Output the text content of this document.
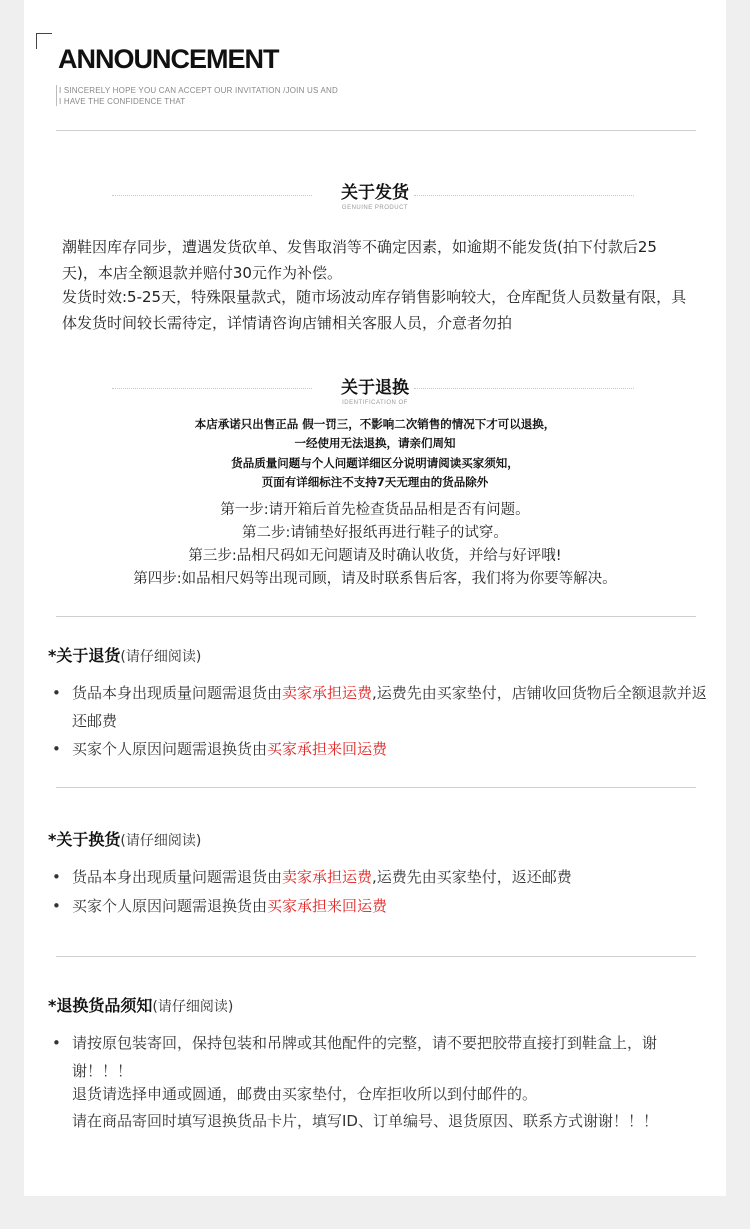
ANNOUNCEMENT
I SINCERELY HOPE YOU CAN ACCEPT OUR INVITATION /JOIN US AND
I HAVE THE CONFIDENCE THAT
关于发货
GENUINE PRODUCT
潮鞋因库存同步，遭遇发货砍单、发售取消等不确定因素，如逾期不能发货(拍下付款后25天)，本店全额退款并赔付30元作为补偿。
发货时效:5-25天，特殊限量款式，随市场波动库存销售影响较大，仓库配货人员数量有限，具体发货时间较长需待定，详情请咨询店铺相关客服人员，介意者勿拍
关于退换
IDENTIFICATION OF
本店承诺只出售正品 假一罚三，不影响二次销售的情况下才可以退换，
一经使用无法退换，请亲们周知
货品质量问题与个人问题详细区分说明请阅读买家须知，
页面有详细标注不支持7天无理由的货品除外
第一步:请开箱后首先检查货品品相是否有问题。
第二步:请铺垫好报纸再进行鞋子的试穿。
第三步:品相尺码如无问题请及时确认收货，并给与好评哦!
第四步:如品相尺妈等出现司顾，请及时联系售后客，我们将为你要等解决。
*关于退货(请仔细阅读)
• 货品本身出现质量问题需退货由卖家承担运费,运费先由买家垫付，店铺收回货物后全额退款并返还邮费
• 买家个人原因问题需退换货由买家承担来回运费
*关于换货(请仔细阅读)
• 货品本身出现质量问题需退货由卖家承担运费,运费先由买家垫付，返还邮费
• 买家个人原因问题需退换货由买家承担来回运费
*退换货品须知(请仔细阅读)
• 请按原包装寄回，保持包装和吊牌或其他配件的完整，请不要把胶带直接打到鞋盒上，谢谢！！！
退货请选择申通或圆通，邮费由买家垫付，仓库拒收所以到付邮件的。
请在商品寄回时填写退换货品卡片，填写ID、订单编号、退货原因、联系方式谢谢！！！
